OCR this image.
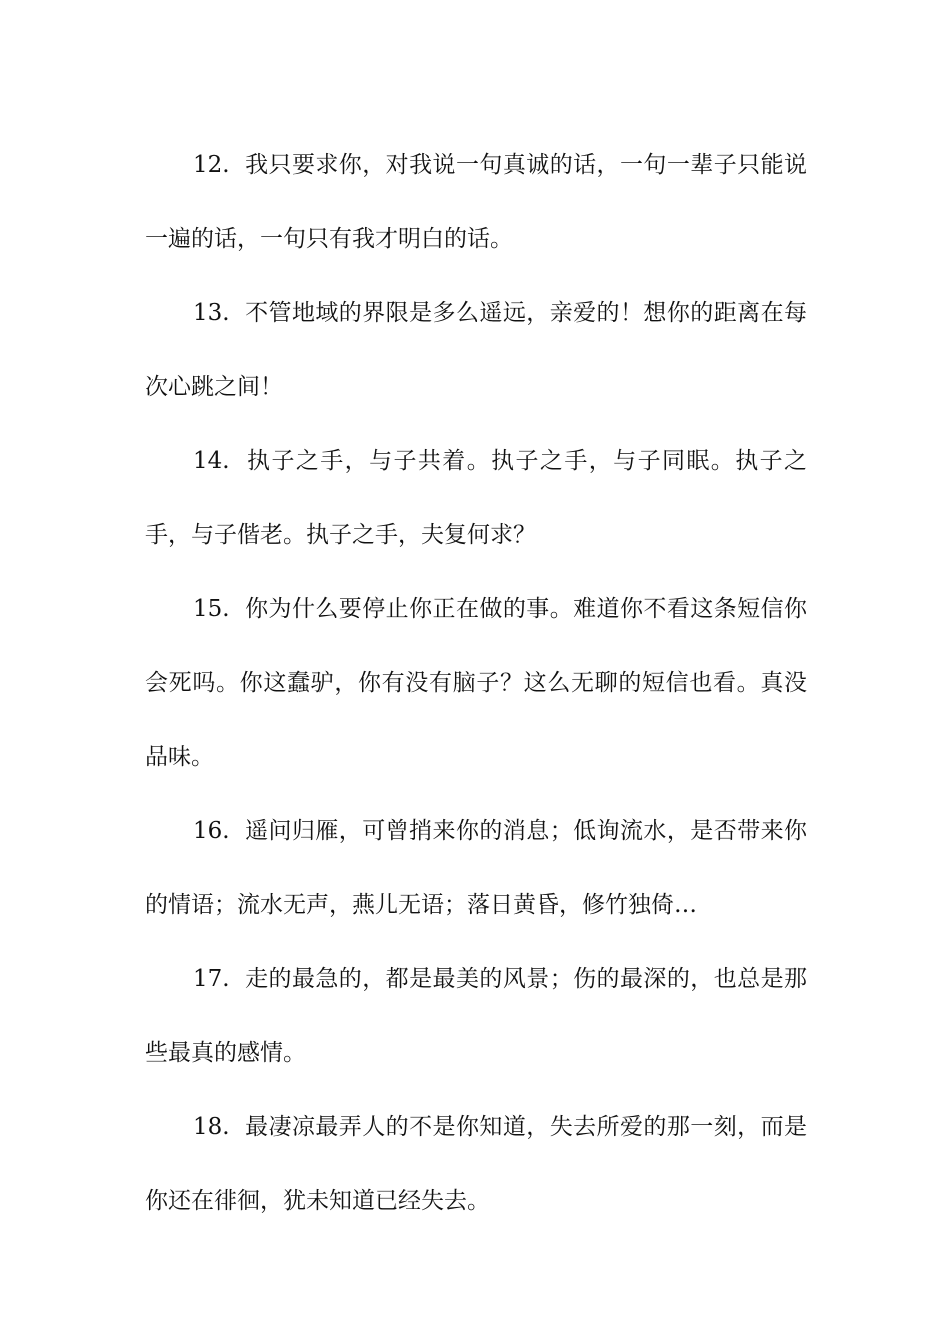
12. 我只要求你，对我说一句真诚的话，一句一辈子只能说一遍的话，一句只有我才明白的话。

13. 不管地域的界限是多么遥远，亲爱的！想你的距离在每次心跳之间！

14. 执子之手，与子共着。执子之手，与子同眠。执子之手，与子偕老。执子之手，夫复何求？

15. 你为什么要停止你正在做的事。难道你不看这条短信你会死吗。你这蠢驴，你有没有脑子？这么无聊的短信也看。真没品味。

16. 遥问归雁，可曾捎来你的消息；低询流水，是否带来你的情语；流水无声，燕儿无语；落日黄昏，修竹独倚…

17. 走的最急的，都是最美的风景；伤的最深的，也总是那些最真的感情。

18. 最凄凉最弄人的不是你知道，失去所爱的那一刻，而是你还在徘徊，犹未知道已经失去。
